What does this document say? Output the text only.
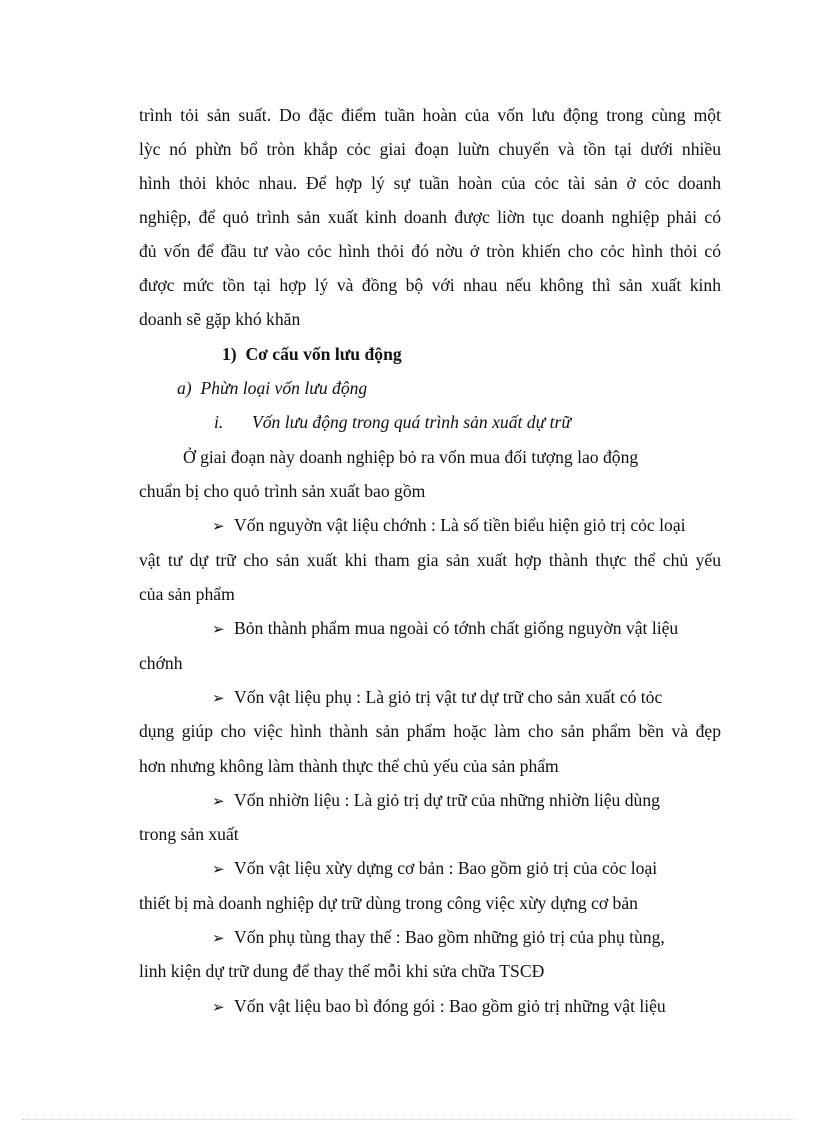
trình tỏi sản suất. Do đặc điểm tuần hoàn của vốn lưu động trong cùng một
lỳc nó phừn bổ tròn khắp cỏc giai đoạn luừn chuyển và tồn tại dưới nhiều
hình thỏi khỏc nhau. Để hợp lý sự tuần hoàn của cỏc tài sản ở cỏc doanh
nghiệp, để quỏ trình sản xuất kinh doanh được liờn tục doanh nghiệp phải có
đủ vốn để đầu tư vào cỏc hình thỏi đó nờu ở tròn khiến cho cỏc hình thỏi có
được mức tồn tại hợp lý và đồng bộ với nhau nếu không thì sản xuất kinh
doanh sẽ gặp khó khăn
1) Cơ cấu vốn lưu động
a) Phừn loại vốn lưu động
i. Vốn lưu động trong quá trình sản xuất dự trữ
Ở giai đoạn này doanh nghiệp bỏ ra vốn mua đối tượng lao động
chuẩn bị cho quỏ trình sản xuất bao gồm
➢ Vốn nguyờn vật liệu chớnh : Là số tiền biểu hiện giỏ trị cỏc loại
vật tư dự trữ cho sản xuất khi tham gia sản xuất hợp thành thực thể chủ yếu
của sản phẩm
➢ Bỏn thành phẩm mua ngoài có tớnh chất giống nguyờn vật liệu
chớnh
➢ Vốn vật liệu phụ : Là giỏ trị vật tư dự trữ cho sản xuất có tỏc
dụng giúp cho việc hình thành sản phẩm hoặc làm cho sản phẩm bền và đẹp
hơn nhưng không làm thành thực thể chủ yếu của sản phẩm
➢ Vốn nhiờn liệu : Là giỏ trị dự trữ của những nhiờn liệu dùng
trong sản xuất
➢ Vốn vật liệu xừy dựng cơ bản : Bao gồm giỏ trị của cỏc loại
thiết bị mà doanh nghiệp dự trữ dùng trong công việc xừy dựng cơ bản
➢ Vốn phụ tùng thay thế : Bao gồm những giỏ trị của phụ tùng,
linh kiện dự trữ dung để thay thế mỗi khi sửa chữa TSCĐ
➢ Vốn vật liệu bao bì đóng gói : Bao gồm giỏ trị những vật liệu
